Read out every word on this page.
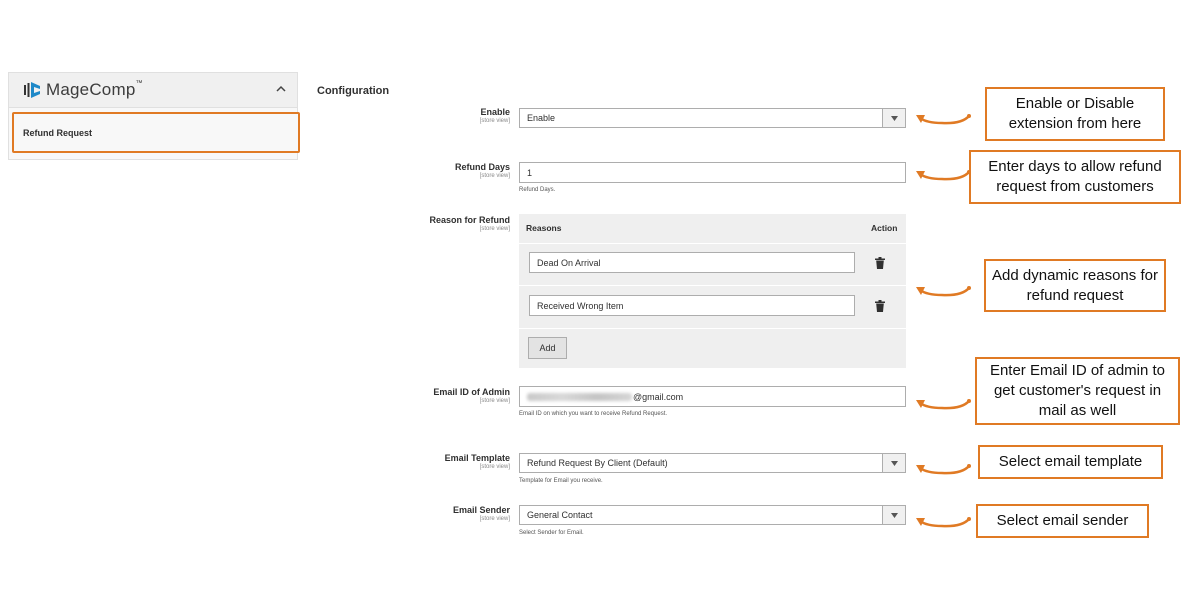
MageComp™
Refund Request
Configuration
Enable
[store view] Enable
Refund Days
[store view] 1
Refund Days.
Reason for Refund
[store view] Reasons	Action
Dead On Arrival
Received Wrong Item
Add
Email ID of Admin
[store view]	@gmail.com
Email ID on which you want to receive Refund Request.
Email Template
[store view] Refund Request By Client (Default)
Template for Email you receive.
Email Sender
[store view] General Contact
Select Sender for Email.
Enable or Disable extension from here
Enter days to allow refund request from customers
Add dynamic reasons for refund request
Enter Email ID of admin to get customer's request in mail as well
Select email template
Select email sender
